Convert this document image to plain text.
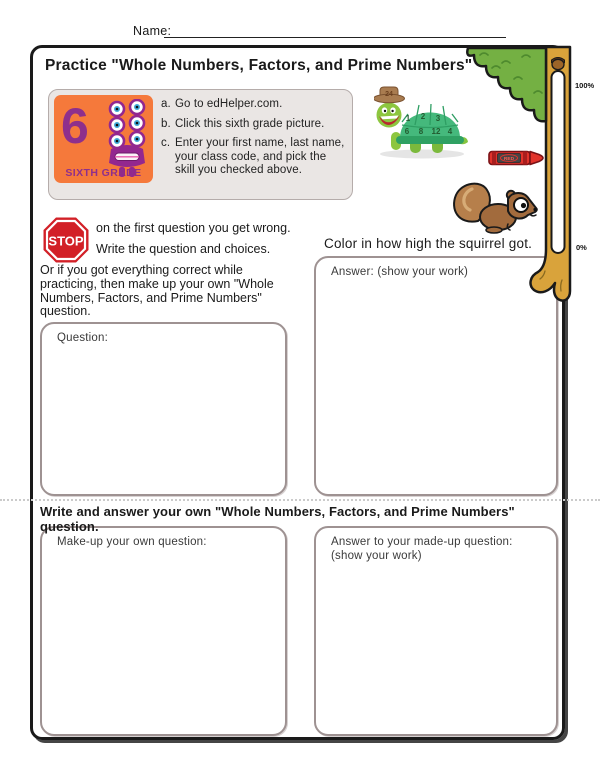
Name:
Practice "Whole Numbers, Factors, and Prime Numbers"
6
SIXTH GRADE
a. Go to edHelper.com.
b. Click this sixth grade picture.
c. Enter your first name, last name, your class code, and pick the skill you checked above.
100%
0%
24
1 2 3
6 8 12 4
RED
STOP
on the first question you get wrong.
Write the question and choices.
Or if you got everything correct while practicing, then make up your own "Whole Numbers, Factors, and Prime Numbers" question.
Color in how high the squirrel got.
Question:
Answer: (show your work)
Write and answer your own "Whole Numbers, Factors, and Prime Numbers" question.
Make-up your own question:	Answer to your made-up question:
(show your work)
